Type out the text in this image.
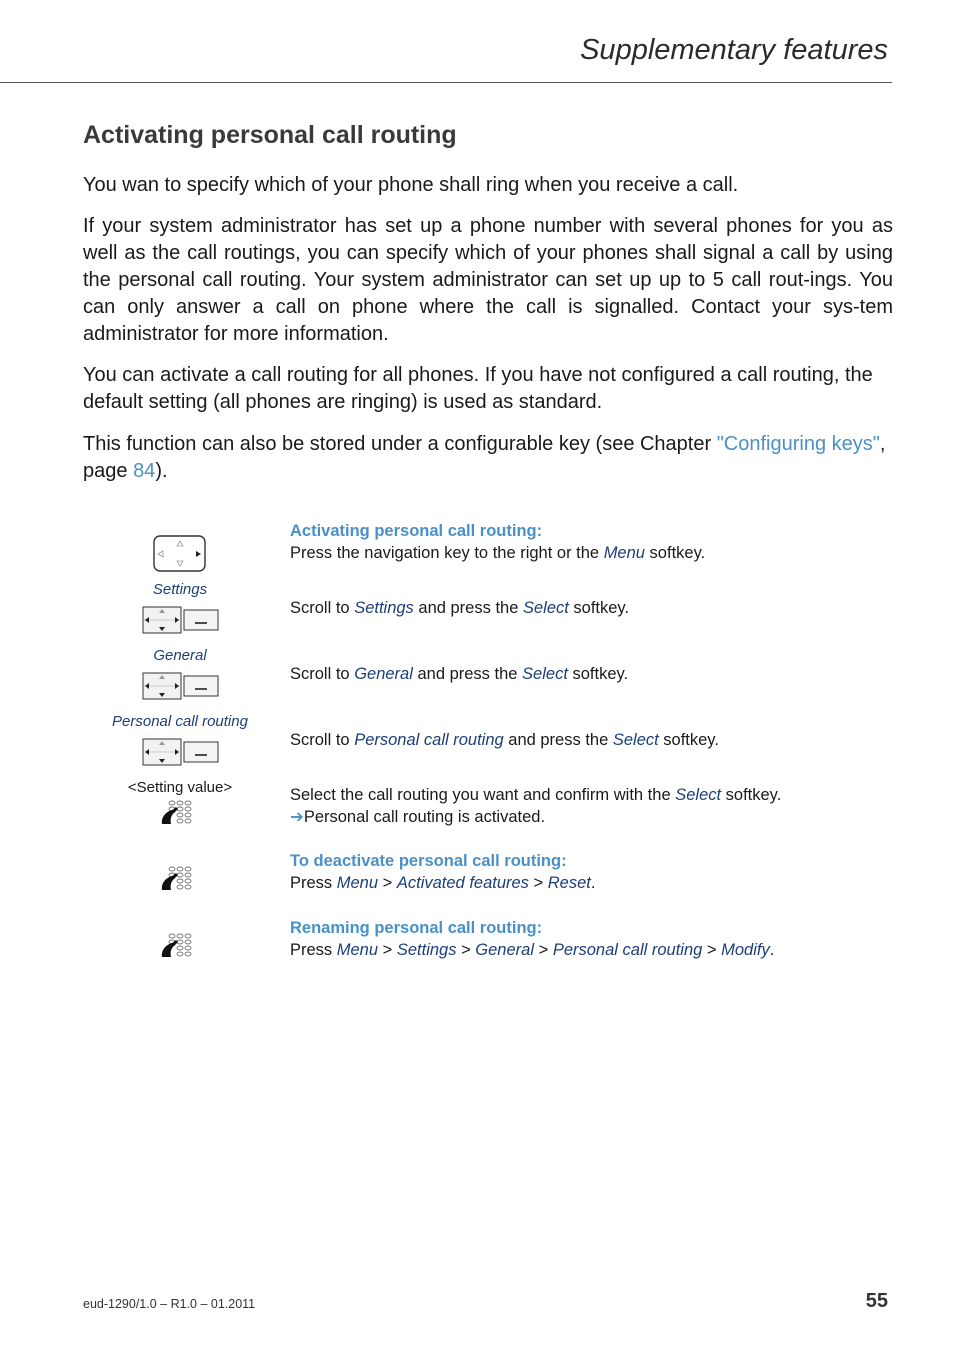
Supplementary features
Activating personal call routing
You wan to specify which of your phone shall ring when you receive a call.
If your system administrator has set up a phone number with several phones for you as well as the call routings, you can specify which of your phones shall signal a call by using the personal call routing. Your system administrator can set up up to 5 call rout-ings. You can only answer a call on phone where the call is signalled. Contact your sys-tem administrator for more information.
You can activate a call routing for all phones. If you have not configured a call routing, the default setting (all phones are ringing) is used as standard.
This function can also be stored under a configurable key (see Chapter "Configuring keys", page 84).
Settings
General
Personal call routing
<Setting value>
Activating personal call routing:
Press the navigation key to the right or the Menu softkey.
Scroll to Settings and press the Select softkey.
Scroll to General and press the Select softkey.
Scroll to Personal call routing and press the Select softkey.
Select the call routing you want and confirm with the Select softkey.
➔Personal call routing is activated.
To deactivate personal call routing:
Press Menu > Activated features > Reset.
Renaming personal call routing:
Press Menu > Settings > General > Personal call routing > Modify.
eud-1290/1.0 – R1.0 – 01.2011	55
